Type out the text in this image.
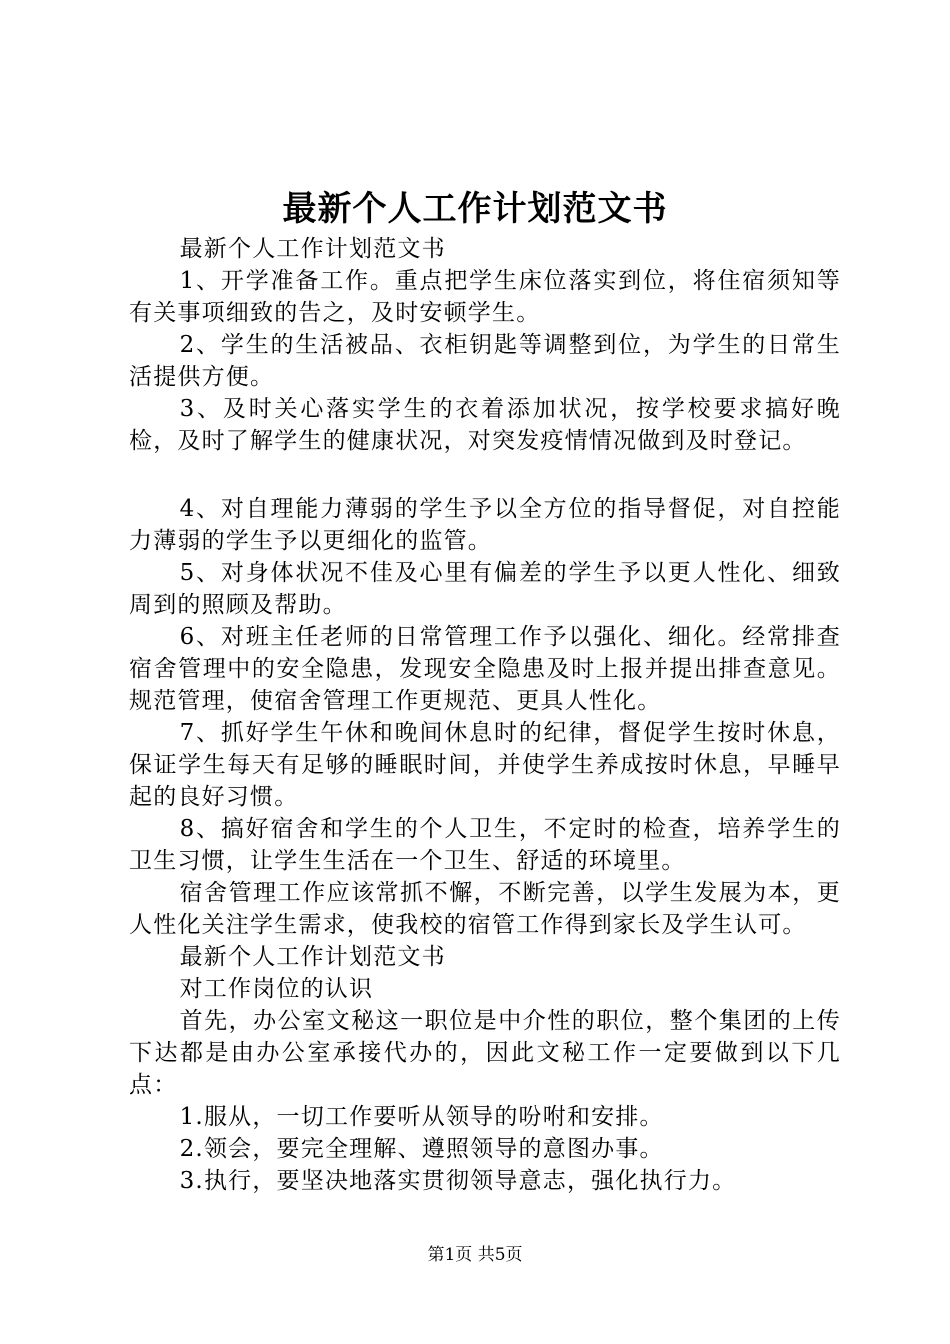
最新个人工作计划范文书

最新个人工作计划范文书

1、开学准备工作。重点把学生床位落实到位，将住宿须知等有关事项细致的告之，及时安顿学生。

2、学生的生活被品、衣柜钥匙等调整到位，为学生的日常生活提供方便。

3、及时关心落实学生的衣着添加状况，按学校要求搞好晚检，及时了解学生的健康状况，对突发疫情情况做到及时登记。

4、对自理能力薄弱的学生予以全方位的指导督促，对自控能力薄弱的学生予以更细化的监管。

5、对身体状况不佳及心里有偏差的学生予以更人性化、细致周到的照顾及帮助。

6、对班主任老师的日常管理工作予以强化、细化。经常排查宿舍管理中的安全隐患，发现安全隐患及时上报并提出排查意见。规范管理，使宿舍管理工作更规范、更具人性化。

7、抓好学生午休和晚间休息时的纪律，督促学生按时休息，保证学生每天有足够的睡眠时间，并使学生养成按时休息，早睡早起的良好习惯。

8、搞好宿舍和学生的个人卫生，不定时的检查，培养学生的卫生习惯，让学生生活在一个卫生、舒适的环境里。

宿舍管理工作应该常抓不懈，不断完善，以学生发展为本，更人性化关注学生需求，使我校的宿管工作得到家长及学生认可。

最新个人工作计划范文书

对工作岗位的认识

首先，办公室文秘这一职位是中介性的职位，整个集团的上传下达都是由办公室承接代办的，因此文秘工作一定要做到以下几点：

1.服从，一切工作要听从领导的吩咐和安排。

2.领会，要完全理解、遵照领导的意图办事。

3.执行，要坚决地落实贯彻领导意志，强化执行力。

第1页 共5页
